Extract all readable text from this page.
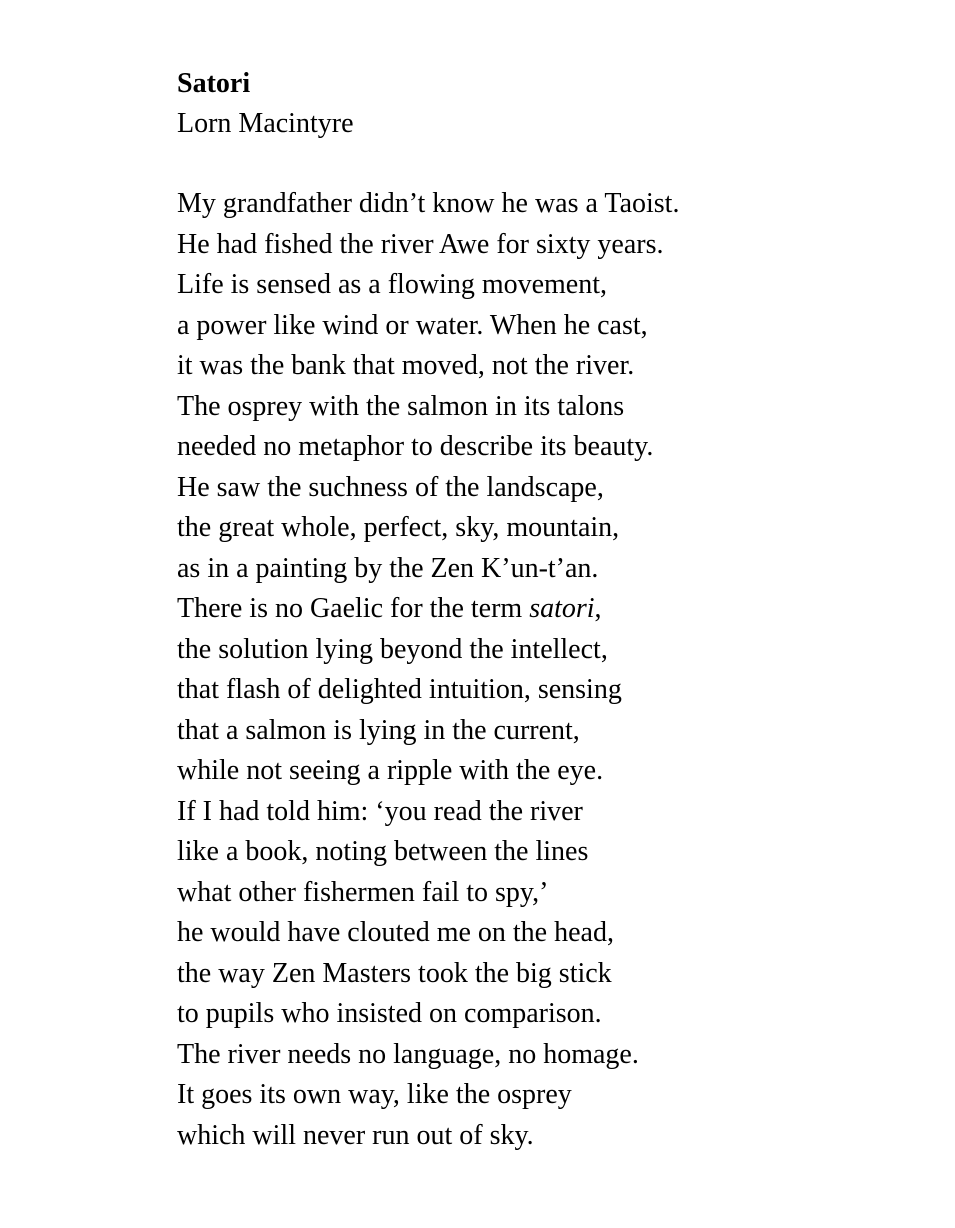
Satori

Lorn Macintyre

My grandfather didn’t know he was a Taoist.

He had fished the river Awe for sixty years.

Life is sensed as a flowing movement,

a power like wind or water. When he cast,

it was the bank that moved, not the river.

The osprey with the salmon in its talons

needed no metaphor to describe its beauty.

He saw the suchness of the landscape,

the great whole, perfect, sky, mountain,

as in a painting by the Zen K’un-t’an.

There is no Gaelic for the term satori,

the solution lying beyond the intellect,

that flash of delighted intuition, sensing

that a salmon is lying in the current,

while not seeing a ripple with the eye.

If I had told him: ‘you read the river

like a book, noting between the lines

what other fishermen fail to spy,’

he would have clouted me on the head,

the way Zen Masters took the big stick

to pupils who insisted on comparison.

The river needs no language, no homage.

It goes its own way, like the osprey

which will never run out of sky.
